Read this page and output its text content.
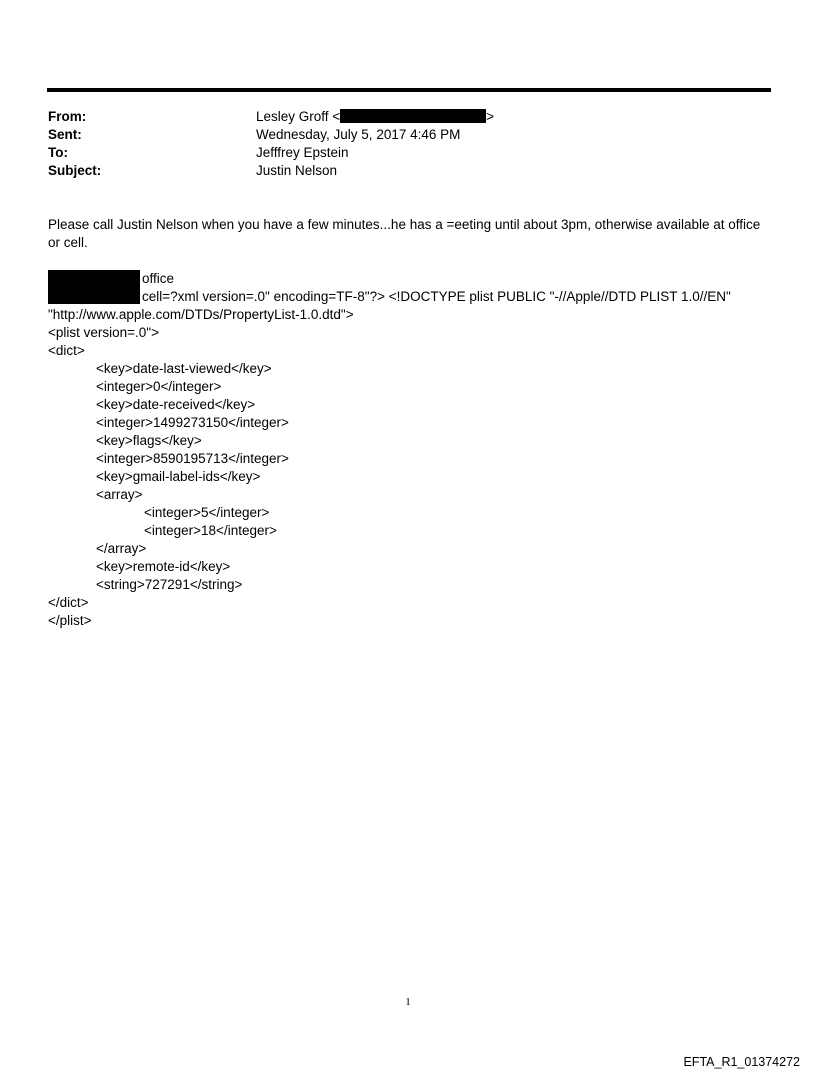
From:	Lesley Groff <	>
Sent:	Wednesday, July 5, 2017 4:46 PM
To:	Jefffrey Epstein
Subject:	Justin Nelson
Please call Justin Nelson when you have a few minutes...he has a =eeting until about 3pm, otherwise available at office or cell.
office
cell=?xml version=.0" encoding=TF-8"?> <!DOCTYPE plist PUBLIC "-//Apple//DTD PLIST 1.0//EN"
"http://www.apple.com/DTDs/PropertyList-1.0.dtd">
<plist version=.0">
<dict>
<key>date-last-viewed</key>
<integer>0</integer>
<key>date-received</key>
<integer>1499273150</integer>
<key>flags</key>
<integer>8590195713</integer>
<key>gmail-label-ids</key>
<array>
<integer>5</integer>
<integer>18</integer>
</array>
<key>remote-id</key>
<string>727291</string>
</dict>
</plist>
1
EFTA_R1_01374272
